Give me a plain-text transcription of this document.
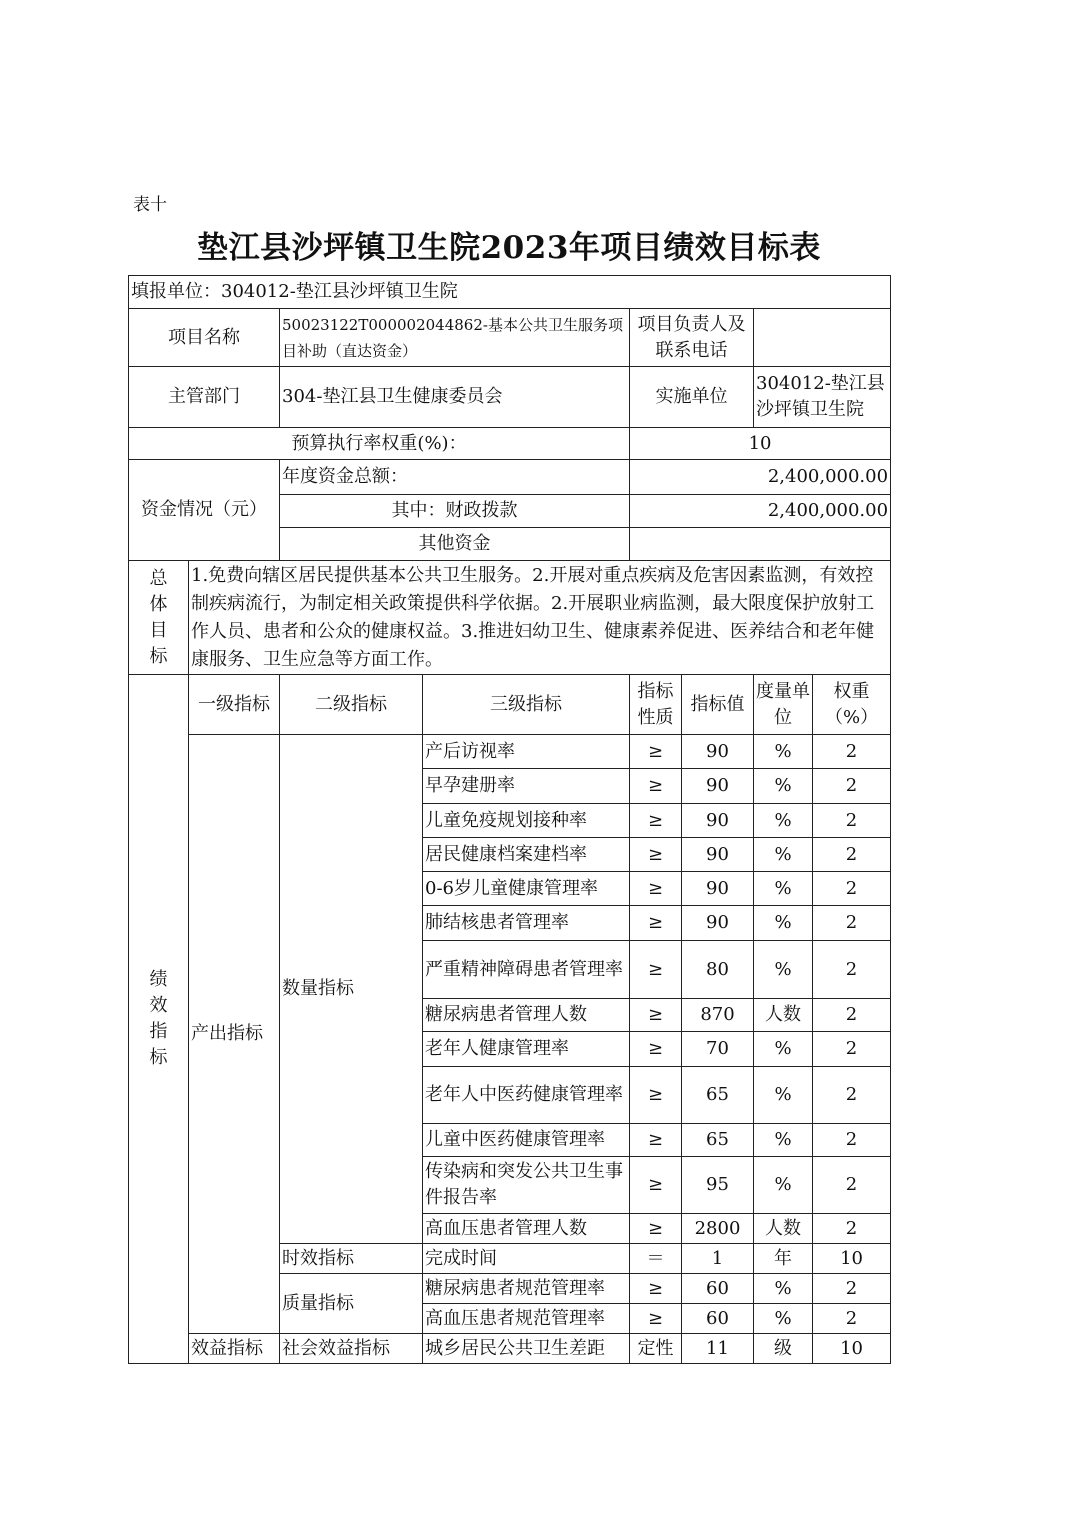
表十
垫江县沙坪镇卫生院2023年项目绩效目标表
填报单位：304012-垫江县沙坪镇卫生院							
项目名称		50023122T000002044862-基本公共卫生服务项目补助（直达资金）		项目负责人及联系电话			
主管部门		304-垫江县卫生健康委员会		实施单位		304012-垫江县沙坪镇卫生院	
预算执行率权重(%)：				10			
资金情况（元）		年度资金总额：		2,400,000.00			
		其中：财政拨款		2,400,000.00			
		其他资金					

总
体
目
标	1.免费向辖区居民提供基本公共卫生服务。2.开展对重点疾病及危害因素监测，有效控制疾病流行，为制定相关政策提供科学依据。2.开展职业病监测，最大限度保护放射工作人员、患者和公众的健康权益。3.推进妇幼卫生、健康素养促进、医养结合和老年健康服务、卫生应急等方面工作。						

绩
效
指
标	一级指标	二级指标	三级指标	指标性质	指标值	度量单位	权重（%）
	产出指标	数量指标	产后访视率	≥	90	%	2
			早孕建册率	≥	90	%	2
			儿童免疫规划接种率	≥	90	%	2
			居民健康档案建档率	≥	90	%	2
			0-6岁儿童健康管理率	≥	90	%	2
			肺结核患者管理率	≥	90	%	2
			严重精神障碍患者管理率	≥	80	%	2
			糖尿病患者管理人数	≥	870	人数	2
			老年人健康管理率	≥	70	%	2
			老年人中医药健康管理率	≥	65	%	2
			儿童中医药健康管理率	≥	65	%	2
			传染病和突发公共卫生事件报告率	≥	95	%	2
			高血压患者管理人数	≥	2800	人数	2
		时效指标	完成时间	＝	1	年	10
		质量指标	糖尿病患者规范管理率	≥	60	%	2
			高血压患者规范管理率	≥	60	%	2
	效益指标	社会效益指标	城乡居民公共卫生差距	定性	11	级	10
